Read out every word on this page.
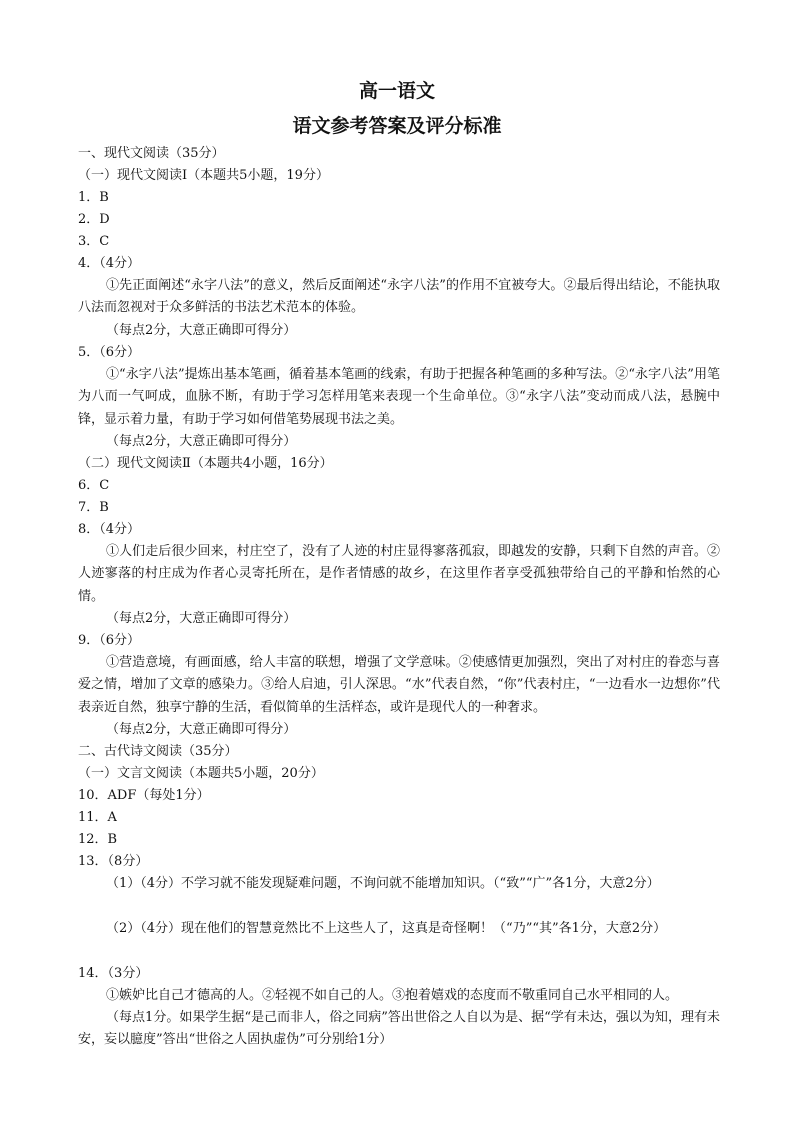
高一语文
语文参考答案及评分标准
一、现代文阅读（35分）
（一）现代文阅读Ⅰ（本题共5小题，19分）
1．B
2．D
3．C
4．（4分）
①先正面阐述“永字八法”的意义，然后反面阐述“永字八法”的作用不宜被夸大。②最后得出结论，不能执取八法而忽视对于众多鲜活的书法艺术范本的体验。
（每点2分，大意正确即可得分）
5．（6分）
①“永字八法”提炼出基本笔画，循着基本笔画的线索，有助于把握各种笔画的多种写法。②“永字八法”用笔为八而一气呵成，血脉不断，有助于学习怎样用笔来表现一个生命单位。③“永字八法”变动而成八法，悬腕中锋，显示着力量，有助于学习如何借笔势展现书法之美。
（每点2分，大意正确即可得分）
（二）现代文阅读Ⅱ（本题共4小题，16分）
6．C
7．B
8．（4分）
①人们走后很少回来，村庄空了，没有了人迹的村庄显得寥落孤寂，即越发的安静，只剩下自然的声音。②人迹寥落的村庄成为作者心灵寄托所在，是作者情感的故乡，在这里作者享受孤独带给自己的平静和怡然的心情。
（每点2分，大意正确即可得分）
9．（6分）
①营造意境，有画面感，给人丰富的联想，增强了文学意味。②使感情更加强烈，突出了对村庄的眷恋与喜爱之情，增加了文章的感染力。③给人启迪，引人深思。“水”代表自然，“你”代表村庄，“一边看水一边想你”代表亲近自然，独享宁静的生活，看似简单的生活样态，或许是现代人的一种奢求。
（每点2分，大意正确即可得分）
二、古代诗文阅读（35分）
（一）文言文阅读（本题共5小题，20分）
10．ADF（每处1分）
11．A
12．B
13．（8分）
（1）（4分）不学习就不能发现疑难问题，不询问就不能增加知识。（“致”“广”各1分，大意2分）
（2）（4分）现在他们的智慧竟然比不上这些人了，这真是奇怪啊！（“乃”“其”各1分，大意2分）
14．（3分）
①嫉妒比自己才德高的人。②轻视不如自己的人。③抱着嬉戏的态度而不敬重同自己水平相同的人。
（每点1分。如果学生据“是己而非人，俗之同病”答出世俗之人自以为是、据“学有未达，强以为知，理有未安，妄以臆度”答出“世俗之人固执虚伪”可分别给1分）
